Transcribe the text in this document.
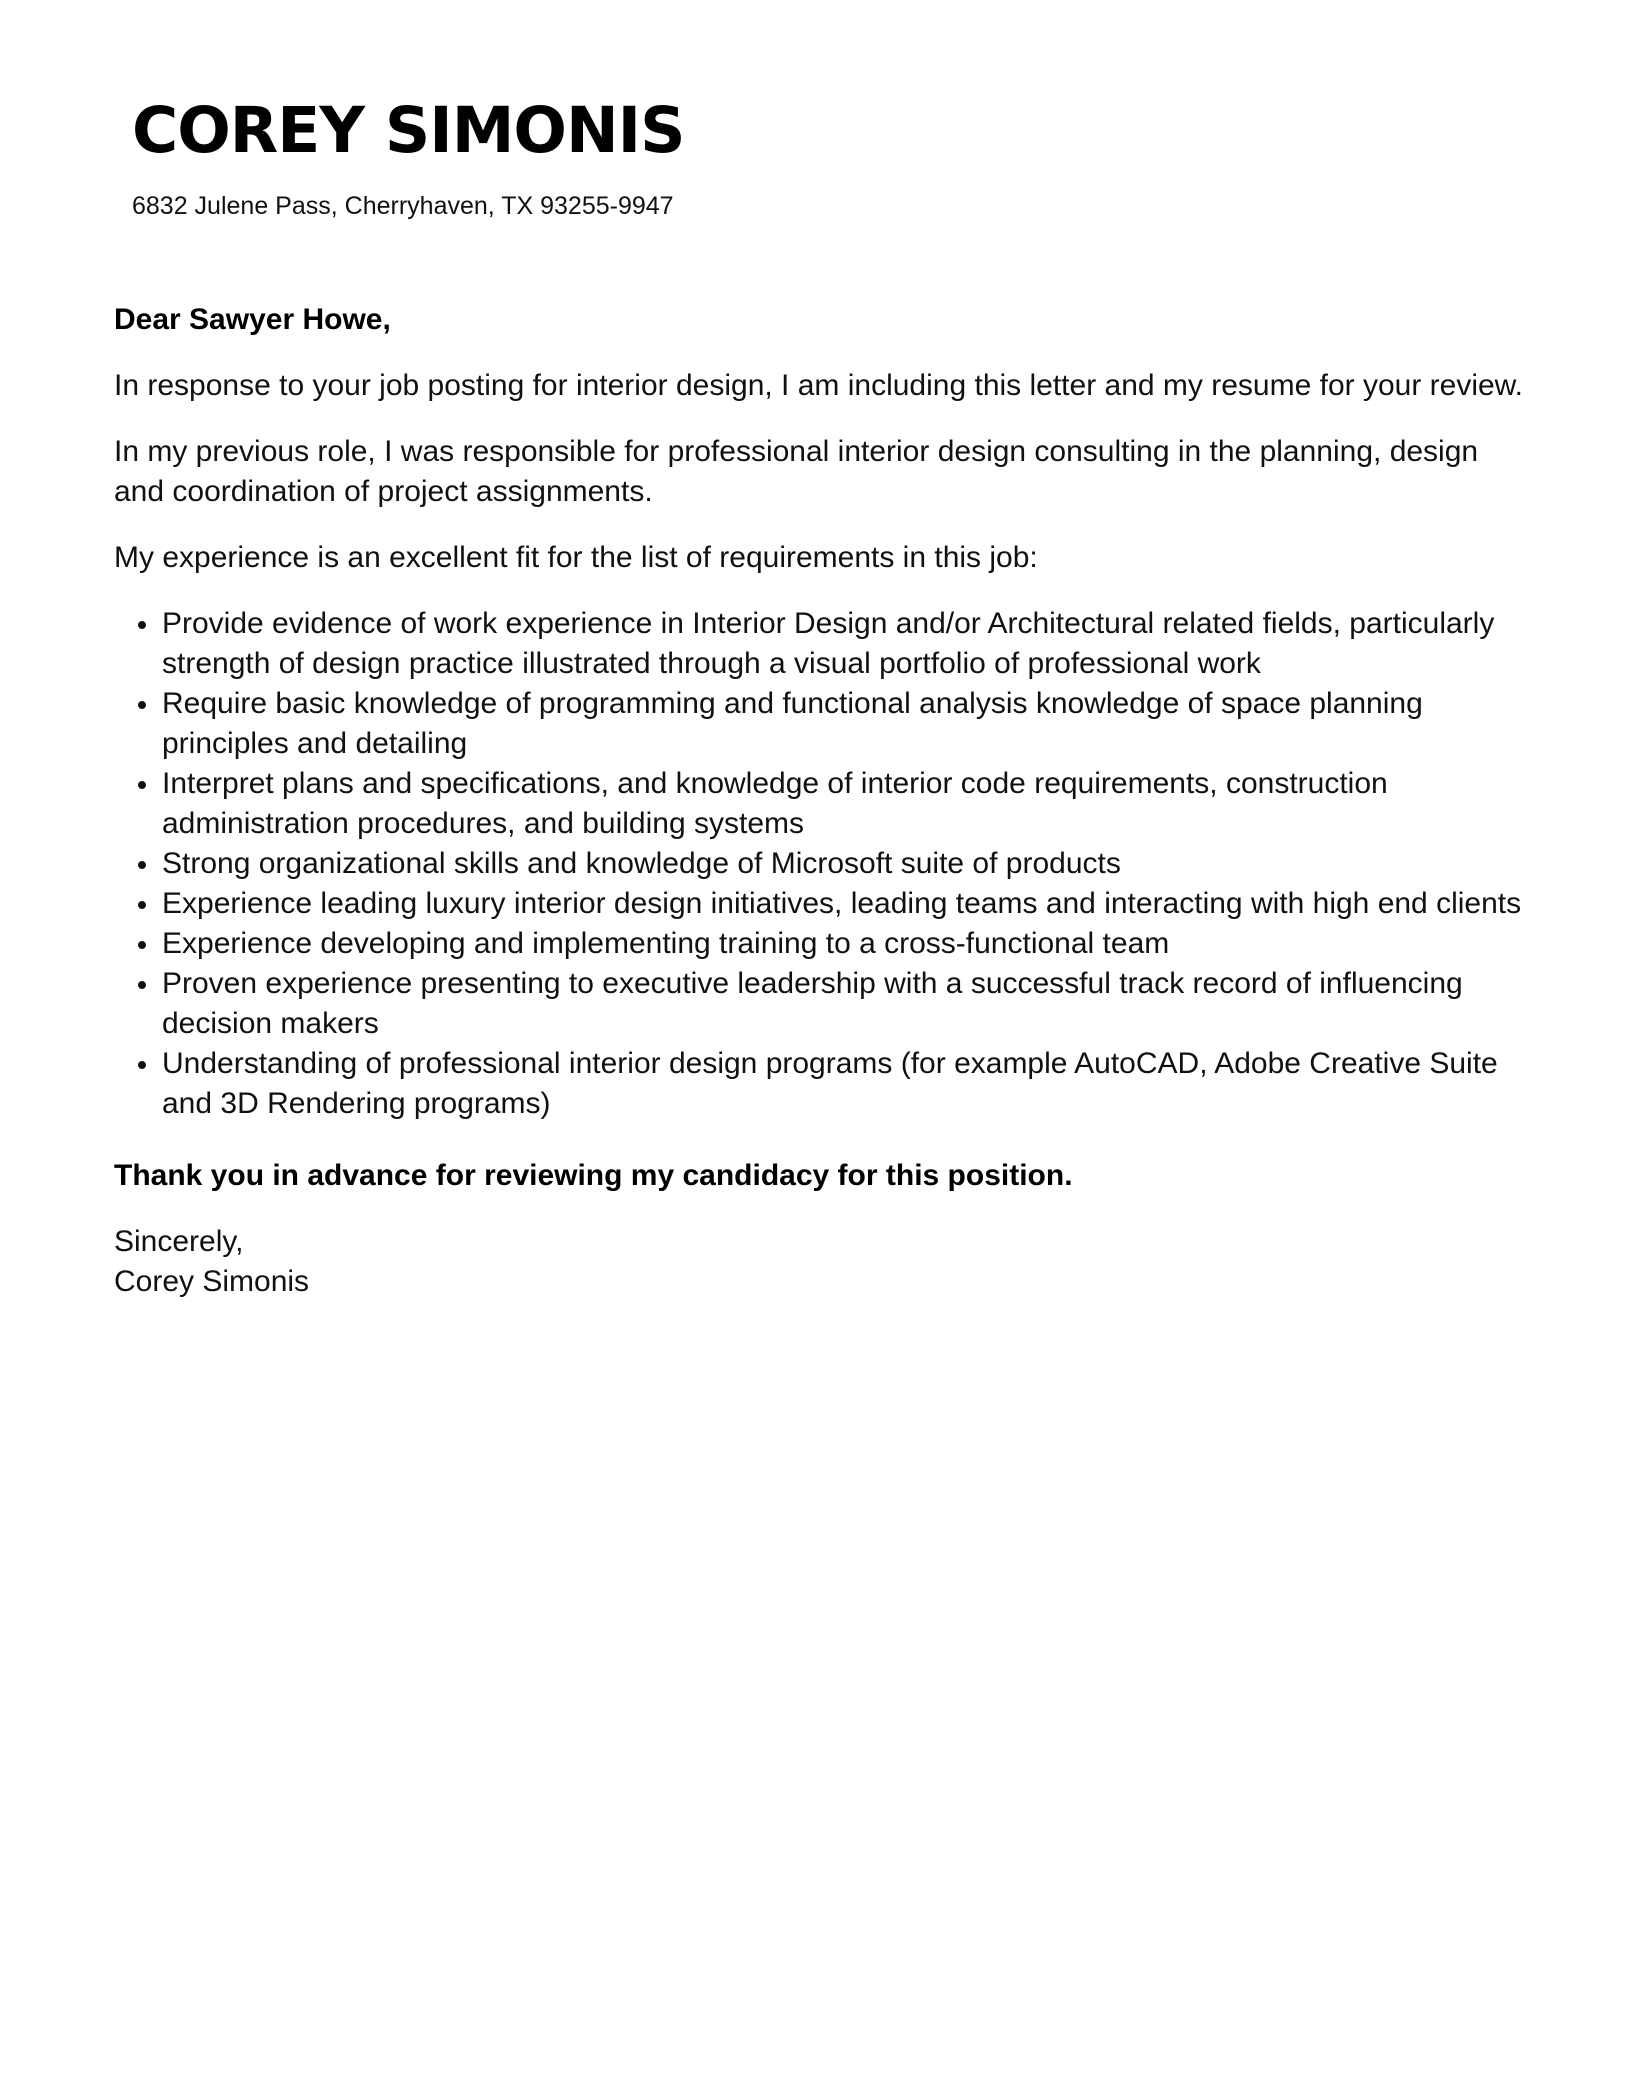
COREY SIMONIS
6832 Julene Pass, Cherryhaven, TX 93255-9947

Dear Sawyer Howe,

In response to your job posting for interior design, I am including this letter and my resume for your review.

In my previous role, I was responsible for professional interior design consulting in the planning, design and coordination of project assignments.

My experience is an excellent fit for the list of requirements in this job:

Provide evidence of work experience in Interior Design and/or Architectural related fields, particularly strength of design practice illustrated through a visual portfolio of professional work
Require basic knowledge of programming and functional analysis knowledge of space planning principles and detailing
Interpret plans and specifications, and knowledge of interior code requirements, construction administration procedures, and building systems
Strong organizational skills and knowledge of Microsoft suite of products
Experience leading luxury interior design initiatives, leading teams and interacting with high end clients
Experience developing and implementing training to a cross-functional team
Proven experience presenting to executive leadership with a successful track record of influencing decision makers
Understanding of professional interior design programs (for example AutoCAD, Adobe Creative Suite and 3D Rendering programs)

Thank you in advance for reviewing my candidacy for this position.

Sincerely,

Corey Simonis
